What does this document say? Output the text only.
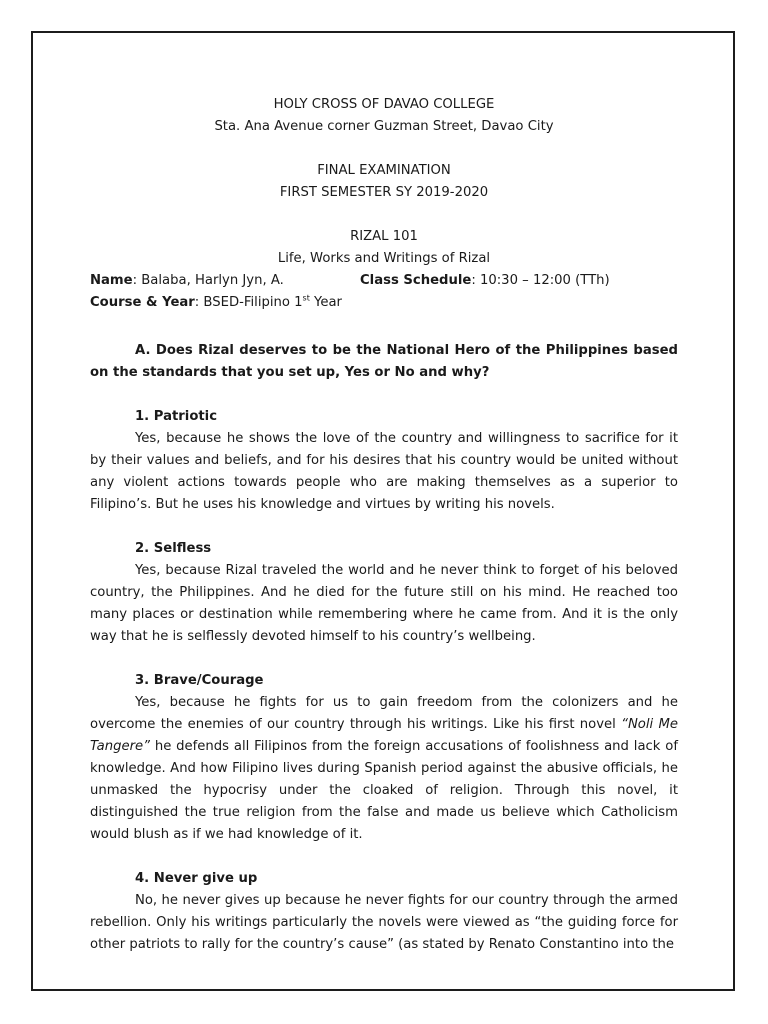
HOLY CROSS OF DAVAO COLLEGE
Sta. Ana Avenue corner Guzman Street, Davao City
FINAL EXAMINATION
FIRST SEMESTER SY 2019-2020
RIZAL 101
Life, Works and Writings of Rizal
Name: Balaba, Harlyn Jyn, A.	Class Schedule: 10:30 – 12:00 (TTh)
Course & Year: BSED-Filipino 1st Year
A. Does Rizal deserves to be the National Hero of the Philippines based on the standards that you set up, Yes or No and why?
1. Patriotic
Yes, because he shows the love of the country and willingness to sacrifice for it by their values and beliefs, and for his desires that his country would be united without any violent actions towards people who are making themselves as a superior to Filipino’s. But he uses his knowledge and virtues by writing his novels.
2. Selfless
Yes, because Rizal traveled the world and he never think to forget of his beloved country, the Philippines. And he died for the future still on his mind. He reached too many places or destination while remembering where he came from. And it is the only way that he is selflessly devoted himself to his country’s wellbeing.
3. Brave/Courage
Yes, because he fights for us to gain freedom from the colonizers and he overcome the enemies of our country through his writings. Like his first novel “Noli Me Tangere” he defends all Filipinos from the foreign accusations of foolishness and lack of knowledge. And how Filipino lives during Spanish period against the abusive officials, he unmasked the hypocrisy under the cloaked of religion. Through this novel, it distinguished the true religion from the false and made us believe which Catholicism would blush as if we had knowledge of it.
4. Never give up
No, he never gives up because he never fights for our country through the armed rebellion. Only his writings particularly the novels were viewed as “the guiding force for other patriots to rally for the country’s cause” (as stated by Renato Constantino into the
